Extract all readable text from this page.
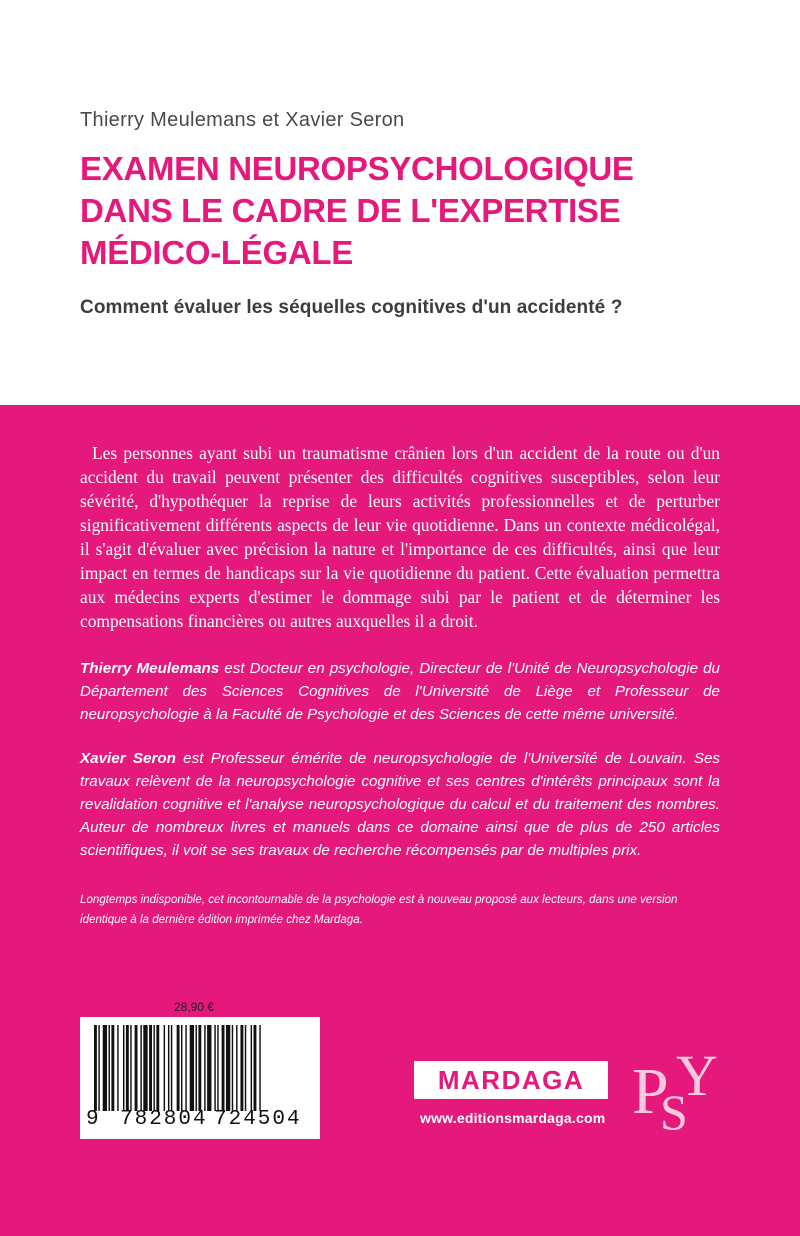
Thierry Meulemans et Xavier Seron
EXAMEN NEUROPSYCHOLOGIQUE
DANS LE CADRE DE L'EXPERTISE
MÉDICO-LÉGALE
Comment évaluer les séquelles cognitives d'un accidenté ?

Les personnes ayant subi un traumatisme crânien lors d'un accident de la route ou d'un accident du travail peuvent présenter des difficultés cognitives susceptibles, selon leur sévérité, d'hypothéquer la reprise de leurs activités professionnelles et de perturber significativement différents aspects de leur vie quotidienne. Dans un contexte médicolégal, il s'agit d'évaluer avec précision la nature et l'importance de ces difficultés, ainsi que leur impact en termes de handicaps sur la vie quotidienne du patient. Cette évaluation permettra aux médecins experts d'estimer le dommage subi par le patient et de déterminer les compensations financières ou autres auxquelles il a droit.

Thierry Meulemans est Docteur en psychologie, Directeur de l'Unité de Neuropsychologie du Département des Sciences Cognitives de l'Université de Liège et Professeur de neuropsychologie à la Faculté de Psychologie et des Sciences de cette même université.

Xavier Seron est Professeur émérite de neuropsychologie de l'Université de Louvain. Ses travaux relèvent de la neuropsychologie cognitive et ses centres d'intérêts principaux sont la revalidation cognitive et l'analyse neuropsychologique du calcul et du traitement des nombres. Auteur de nombreux livres et manuels dans ce domaine ainsi que de plus de 250 articles scientifiques, il voit se ses travaux de recherche récompensés par de multiples prix.

Longtemps indisponible, cet incontournable de la psychologie est à nouveau proposé aux lecteurs, dans une version identique à la dernière édition imprimée chez Mardaga.

28,90 €
9 782804 724504
MARDAGA
www.editionsmardaga.com P
S
Y
